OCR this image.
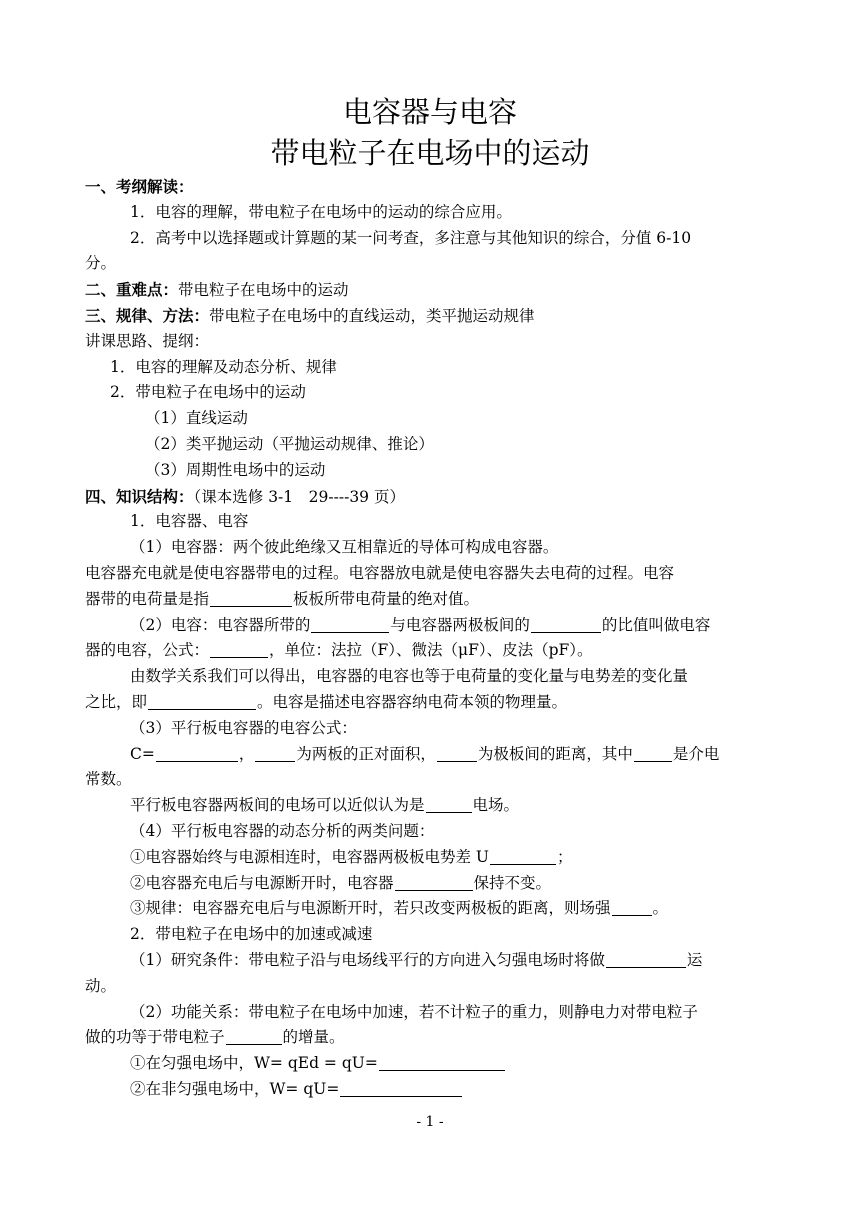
电容器与电容
带电粒子在电场中的运动
一、考纲解读：
1．电容的理解，带电粒子在电场中的运动的综合应用。
2．高考中以选择题或计算题的某一问考查，多注意与其他知识的综合，分值 6-10
分。
二、重难点：带电粒子在电场中的运动
三、规律、方法：带电粒子在电场中的直线运动，类平抛运动规律
讲课思路、提纲：
1．电容的理解及动态分析、规律
2．带电粒子在电场中的运动
（1）直线运动
（2）类平抛运动（平抛运动规律、推论）
（3）周期性电场中的运动
四、知识结构：（课本选修 3-1　29----39 页）
1．电容器、电容
（1）电容器：两个彼此绝缘又互相靠近的导体可构成电容器。
电容器充电就是使电容器带电的过程。电容器放电就是使电容器失去电荷的过程。电容
器带的电荷量是指	板板所带电荷量的绝对值。
（2）电容：电容器所带的	与电容器两极板间的	的比值叫做电容
器的电容，公式：	，单位：法拉（F）、微法（μF）、皮法（pF）。
由数学关系我们可以得出，电容器的电容也等于电荷量的变化量与电势差的变化量
之比，即	。电容是描述电容器容纳电荷本领的物理量。
（3）平行板电容器的电容公式：
C=	，	为两板的正对面积，	为极板间的距离，其中	是介电
常数。
平行板电容器两板间的电场可以近似认为是	电场。
（4）平行板电容器的动态分析的两类问题：
①电容器始终与电源相连时，电容器两极板电势差 U	；
②电容器充电后与电源断开时，电容器	保持不变。
③规律：电容器充电后与电源断开时，若只改变两极板的距离，则场强	。
2．带电粒子在电场中的加速或减速
（1）研究条件：带电粒子沿与电场线平行的方向进入匀强电场时将做	运
动。
（2）功能关系：带电粒子在电场中加速，若不计粒子的重力，则静电力对带电粒子
做的功等于带电粒子	的增量。
①在匀强电场中，W= qEd = qU=
②在非匀强电场中，W= qU=
- 1 -
